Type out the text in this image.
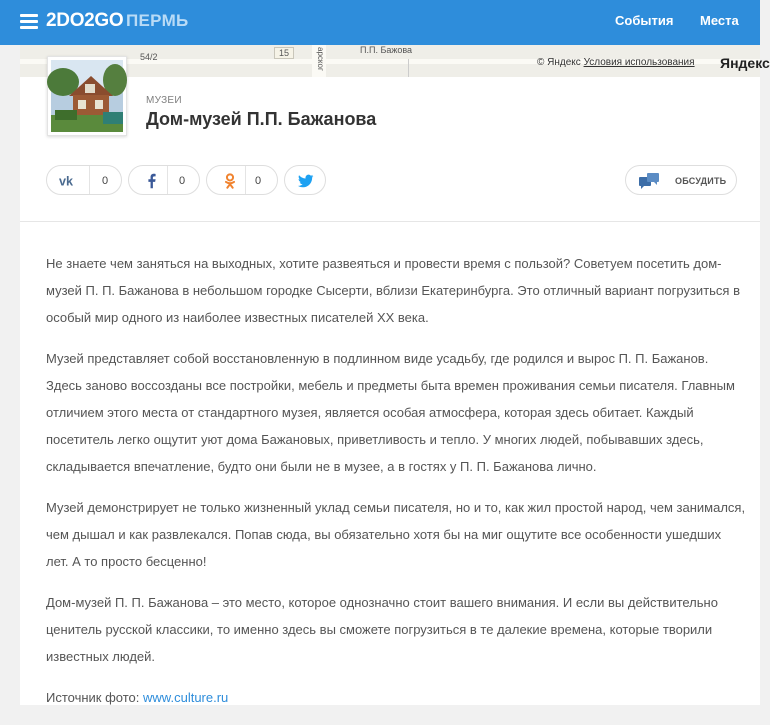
2DO2GO ПЕРМЬ	События Места
54/2	15	П.П. Бажова
арског	© Яндекс Условия использования Яндекс
МУЗЕИ
Дом-музей П.П. Бажанова
vk	0	0	0	ОБСУДИТЬ

Не знаете чем заняться на выходных, хотите развеяться и провести время с пользой? Советуем посетить дом-музей П. П. Бажанова в небольшом городке Сысерти, вблизи Екатеринбурга. Это отличный вариант погрузиться в особый мир одного из наиболее известных писателей XX века.

Музей представляет собой восстановленную в подлинном виде усадьбу, где родился и вырос П. П. Бажанов. Здесь заново воссозданы все постройки, мебель и предметы быта времен проживания семьи писателя. Главным отличием этого места от стандартного музея, является особая атмосфера, которая здесь обитает. Каждый посетитель легко ощутит уют дома Бажановых, приветливость и тепло. У многих людей, побывавших здесь, складывается впечатление, будто они были не в музее, а в гостях у П. П. Бажанова лично.

Музей демонстрирует не только жизненный уклад семьи писателя, но и то, как жил простой народ, чем занимался, чем дышал и как развлекался. Попав сюда, вы обязательно хотя бы на миг ощутите все особенности ушедших лет. А то просто бесценно!

Дом-музей П. П. Бажанова – это место, которое однозначно стоит вашего внимания. И если вы действительно ценитель русской классики, то именно здесь вы сможете погрузиться в те далекие времена, которые творили известных людей.

Источник фото: www.culture.ru
